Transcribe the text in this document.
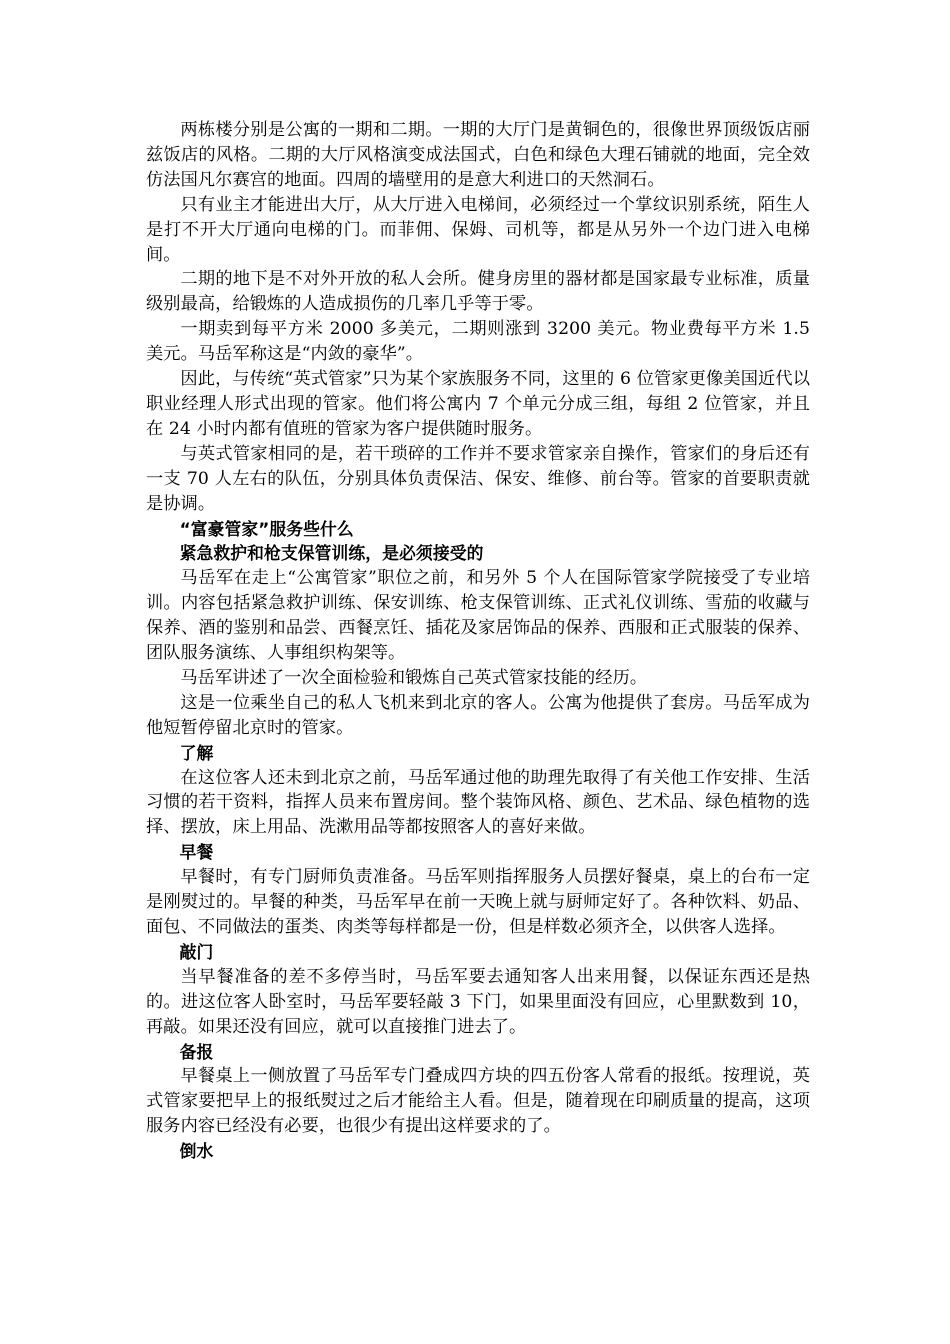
两栋楼分别是公寓的一期和二期。一期的大厅门是黄铜色的，很像世界顶级饭店丽兹饭店的风格。二期的大厅风格演变成法国式，白色和绿色大理石铺就的地面，完全效仿法国凡尔赛宫的地面。四周的墙壁用的是意大利进口的天然洞石。

只有业主才能进出大厅，从大厅进入电梯间，必须经过一个掌纹识别系统，陌生人是打不开大厅通向电梯的门。而菲佣、保姆、司机等，都是从另外一个边门进入电梯间。

二期的地下是不对外开放的私人会所。健身房里的器材都是国家最专业标准，质量级别最高，给锻炼的人造成损伤的几率几乎等于零。

一期卖到每平方米 2000 多美元，二期则涨到 3200 美元。物业费每平方米 1.5 美元。马岳军称这是“内敛的豪华”。

因此，与传统“英式管家”只为某个家族服务不同，这里的 6 位管家更像美国近代以职业经理人形式出现的管家。他们将公寓内 7 个单元分成三组，每组 2 位管家，并且在 24 小时内都有值班的管家为客户提供随时服务。

与英式管家相同的是，若干琐碎的工作并不要求管家亲自操作，管家们的身后还有一支 70 人左右的队伍，分别具体负责保洁、保安、维修、前台等。管家的首要职责就是协调。

“富豪管家”服务些什么

紧急救护和枪支保管训练，是必须接受的

马岳军在走上“公寓管家”职位之前，和另外 5 个人在国际管家学院接受了专业培训。内容包括紧急救护训练、保安训练、枪支保管训练、正式礼仪训练、雪茄的收藏与保养、酒的鉴别和品尝、西餐烹饪、插花及家居饰品的保养、西服和正式服装的保养、团队服务演练、人事组织构架等。

马岳军讲述了一次全面检验和锻炼自己英式管家技能的经历。

这是一位乘坐自己的私人飞机来到北京的客人。公寓为他提供了套房。马岳军成为他短暂停留北京时的管家。

了解

在这位客人还未到北京之前，马岳军通过他的助理先取得了有关他工作安排、生活习惯的若干资料，指挥人员来布置房间。整个装饰风格、颜色、艺术品、绿色植物的选择、摆放，床上用品、洗漱用品等都按照客人的喜好来做。

早餐

早餐时，有专门厨师负责准备。马岳军则指挥服务人员摆好餐桌，桌上的台布一定是刚熨过的。早餐的种类，马岳军早在前一天晚上就与厨师定好了。各种饮料、奶品、面包、不同做法的蛋类、肉类等每样都是一份，但是样数必须齐全，以供客人选择。

敲门

当早餐准备的差不多停当时，马岳军要去通知客人出来用餐，以保证东西还是热的。进这位客人卧室时，马岳军要轻敲 3 下门，如果里面没有回应，心里默数到 10，再敲。如果还没有回应，就可以直接推门进去了。

备报

早餐桌上一侧放置了马岳军专门叠成四方块的四五份客人常看的报纸。按理说，英式管家要把早上的报纸熨过之后才能给主人看。但是，随着现在印刷质量的提高，这项服务内容已经没有必要，也很少有提出这样要求的了。

倒水
